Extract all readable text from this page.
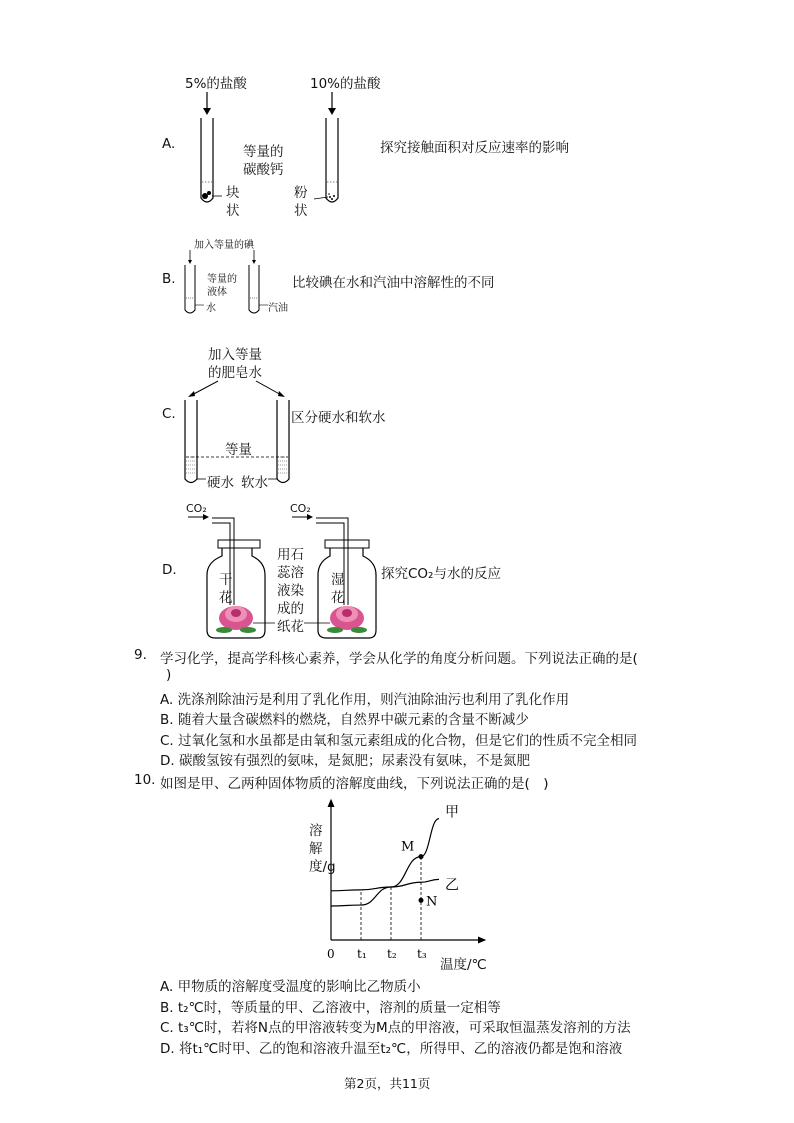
A.
5%的盐酸	10%的盐酸
等量的
碳酸钙
块
状
粉
状
探究接触面积对反应速率的影响
B.
加入等量的碘
等量的
液体
水	汽油
比较碘在水和汽油中溶解性的不同
C.
加入等量
的肥皂水
等量
硬水 软水
区分硬水和软水
D.
CO₂	CO₂
干
花
湿
花
用石
蕊溶
液染
成的
纸花
探究CO₂与水的反应
9. 学习化学，提高学科核心素养，学会从化学的角度分析问题。下列说法正确的是(
)
A. 洗涤剂除油污是利用了乳化作用，则汽油除油污也利用了乳化作用
B. 随着大量含碳燃料的燃烧，自然界中碳元素的含量不断减少
C. 过氧化氢和水虽都是由氧和氢元素组成的化合物，但是它们的性质不完全相同
D. 碳酸氢铵有强烈的氨味，是氮肥；尿素没有氨味，不是氮肥
10. 如图是甲、乙两种固体物质的溶解度曲线，下列说法正确的是(　)
甲
乙
M
N
0 t₁ t₂ t₃
溶解度/g
温度/℃
A. 甲物质的溶解度受温度的影响比乙物质小
B. t₂℃时，等质量的甲、乙溶液中，溶剂的质量一定相等
C. t₃℃时，若将N点的甲溶液转变为M点的甲溶液，可采取恒温蒸发溶剂的方法
D. 将t₁℃时甲、乙的饱和溶液升温至t₂℃，所得甲、乙的溶液仍都是饱和溶液
第2页，共11页
